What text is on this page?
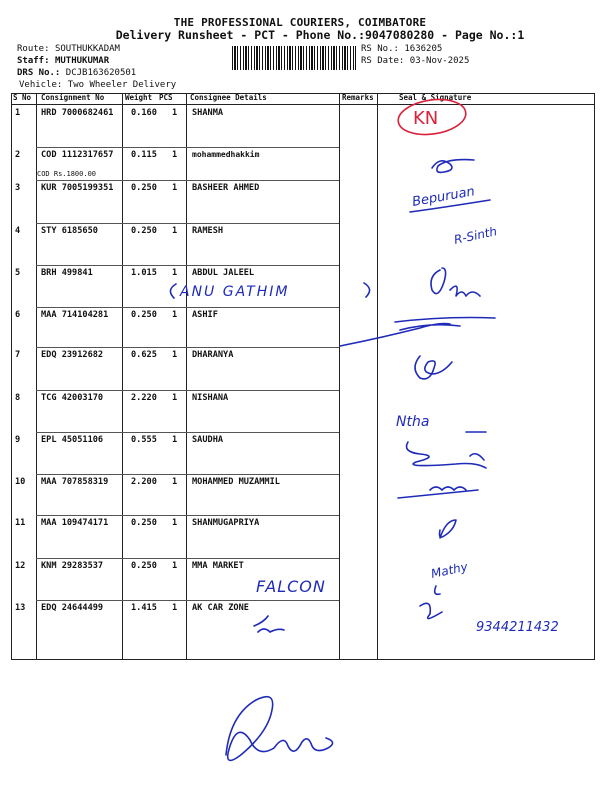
THE PROFESSIONAL COURIERS, COIMBATORE
Delivery Runsheet - PCT - Phone No.:9047080280 - Page No.:1
Route: SOUTHUKKADAM
Staff: MUTHUKUMAR
DRS No.: DCJB163620501
Vehicle: Two Wheeler Delivery
RS No.: 1636205
RS Date: 03-Nov-2025
S No Consignment No	Weight PCS Consignee Details	Remarks	Seal & Signature
1 HRD 7000682461 0.160 1 SHANMA
2 COD 1112317657 0.115 1 mohammedhakkim
COD Rs.1800.00
3 KUR 7005199351 0.250 1 BASHEER AHMED
4 STY 6185650	0.250 1 RAMESH
5 BRH 499841	1.015 1 ABDUL JALEEL
6 MAA 714104281	0.250 1 ASHIF
7 EDQ 23912682	0.625 1 DHARANYA
8 TCG 42003170	2.220 1 NISHANA
9 EPL 45051106	0.555 1 SAUDHA
10 MAA 707858319	2.200 1 MOHAMMED MUZAMMIL
11 MAA 109474171	0.250 1 SHANMUGAPRIYA
12 KNM 29283537	0.250 1 MMA MARKET
13 EDQ 24644499	1.415 1 AK CAR ZONE
KN
Bepuruan
R-Sinth
ANU GATHIM
Ntha
FALCON
Mathy
9344211432
